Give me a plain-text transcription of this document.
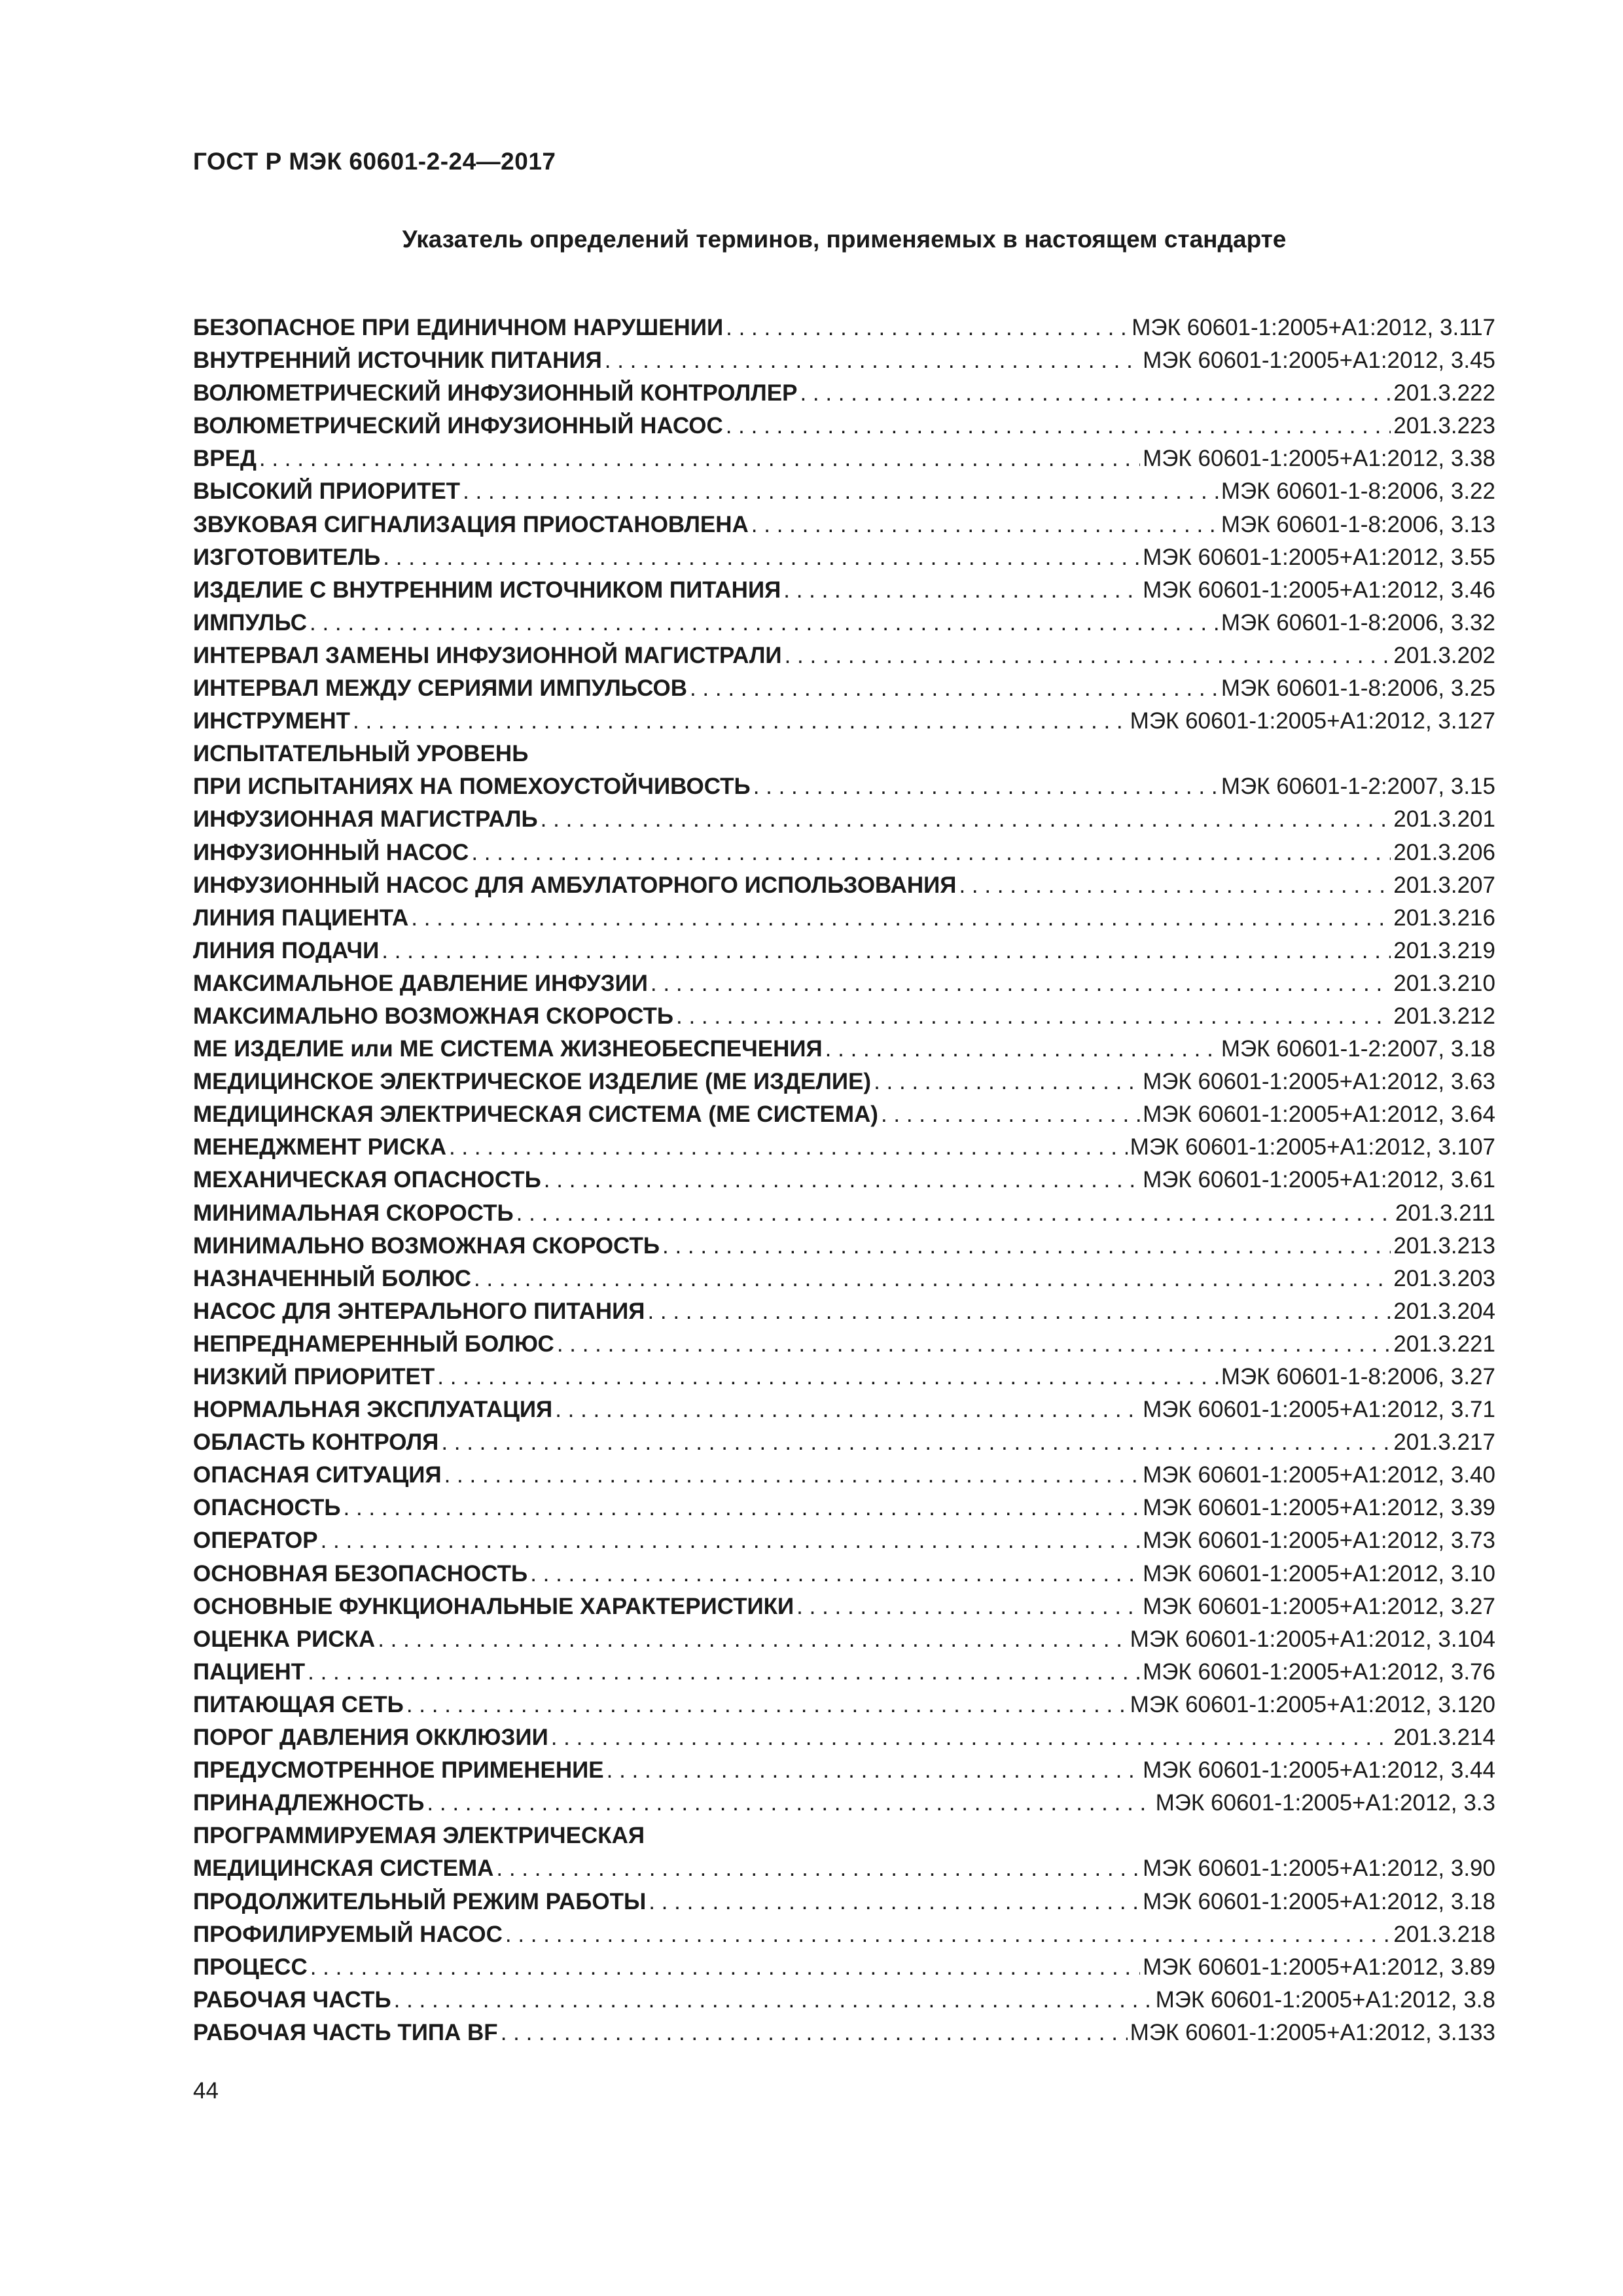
ГОСТ Р МЭК 60601-2-24—2017
Указатель определений терминов, применяемых в настоящем стандарте
БЕЗОПАСНОЕ ПРИ ЕДИНИЧНОМ НАРУШЕНИИ . . .	МЭК 60601-1:2005+А1:2012, 3.117
ВНУТРЕННИЙ ИСТОЧНИК ПИТАНИЯ . . .	МЭК 60601-1:2005+А1:2012, 3.45
ВОЛЮМЕТРИЧЕСКИЙ ИНФУЗИОННЫЙ КОНТРОЛЛЕР . . .	201.3.222
ВОЛЮМЕТРИЧЕСКИЙ ИНФУЗИОННЫЙ НАСОС . . .	201.3.223
ВРЕД . . .	МЭК 60601-1:2005+А1:2012, 3.38
ВЫСОКИЙ ПРИОРИТЕТ . . .	МЭК 60601-1-8:2006, 3.22
ЗВУКОВАЯ СИГНАЛИЗАЦИЯ ПРИОСТАНОВЛЕНА . . .	МЭК 60601-1-8:2006, 3.13
ИЗГОТОВИТЕЛЬ . . .	МЭК 60601-1:2005+А1:2012, 3.55
ИЗДЕЛИЕ С ВНУТРЕННИМ ИСТОЧНИКОМ ПИТАНИЯ . . .	МЭК 60601-1:2005+А1:2012, 3.46
ИМПУЛЬС . . .	МЭК 60601-1-8:2006, 3.32
ИНТЕРВАЛ ЗАМЕНЫ ИНФУЗИОННОЙ МАГИСТРАЛИ . . .	201.3.202
ИНТЕРВАЛ МЕЖДУ СЕРИЯМИ ИМПУЛЬСОВ . . .	МЭК 60601-1-8:2006, 3.25
ИНСТРУМЕНТ . . .	МЭК 60601-1:2005+А1:2012, 3.127
ИСПЫТАТЕЛЬНЫЙ УРОВЕНЬ
ПРИ ИСПЫТАНИЯХ НА ПОМЕХОУСТОЙЧИВОСТЬ . . .	МЭК 60601-1-2:2007, 3.15
ИНФУЗИОННАЯ МАГИСТРАЛЬ . . .	201.3.201
ИНФУЗИОННЫЙ НАСОС . . .	201.3.206
ИНФУЗИОННЫЙ НАСОС ДЛЯ АМБУЛАТОРНОГО ИСПОЛЬЗОВАНИЯ . . .	201.3.207
ЛИНИЯ ПАЦИЕНТА . . .	201.3.216
ЛИНИЯ ПОДАЧИ . . .	201.3.219
МАКСИМАЛЬНОЕ ДАВЛЕНИЕ ИНФУЗИИ . . .	201.3.210
МАКСИМАЛЬНО ВОЗМОЖНАЯ СКОРОСТЬ . . .	201.3.212
МЕ ИЗДЕЛИЕ или МЕ СИСТЕМА ЖИЗНЕОБЕСПЕЧЕНИЯ . . .	МЭК 60601-1-2:2007, 3.18
МЕДИЦИНСКОЕ ЭЛЕКТРИЧЕСКОЕ ИЗДЕЛИЕ (МЕ ИЗДЕЛИЕ) . . .	МЭК 60601-1:2005+А1:2012, 3.63
МЕДИЦИНСКАЯ ЭЛЕКТРИЧЕСКАЯ СИСТЕМА (МЕ СИСТЕМА) . . .	МЭК 60601-1:2005+А1:2012, 3.64
МЕНЕДЖМЕНТ РИСКА . . .	МЭК 60601-1:2005+А1:2012, 3.107
МЕХАНИЧЕСКАЯ ОПАСНОСТЬ . . .	МЭК 60601-1:2005+А1:2012, 3.61
МИНИМАЛЬНАЯ СКОРОСТЬ . . .	201.3.211
МИНИМАЛЬНО ВОЗМОЖНАЯ СКОРОСТЬ . . .	201.3.213
НАЗНАЧЕННЫЙ БОЛЮС . . .	201.3.203
НАСОС ДЛЯ ЭНТЕРАЛЬНОГО ПИТАНИЯ . . .	201.3.204
НЕПРЕДНАМЕРЕННЫЙ БОЛЮС . . .	201.3.221
НИЗКИЙ ПРИОРИТЕТ . . .	МЭК 60601-1-8:2006, 3.27
НОРМАЛЬНАЯ ЭКСПЛУАТАЦИЯ . . .	МЭК 60601-1:2005+А1:2012, 3.71
ОБЛАСТЬ КОНТРОЛЯ . . .	201.3.217
ОПАСНАЯ СИТУАЦИЯ . . .	МЭК 60601-1:2005+А1:2012, 3.40
ОПАСНОСТЬ . . .	МЭК 60601-1:2005+А1:2012, 3.39
ОПЕРАТОР . . .	МЭК 60601-1:2005+А1:2012, 3.73
ОСНОВНАЯ БЕЗОПАСНОСТЬ . . .	МЭК 60601-1:2005+А1:2012, 3.10
ОСНОВНЫЕ ФУНКЦИОНАЛЬНЫЕ ХАРАКТЕРИСТИКИ . . .	МЭК 60601-1:2005+А1:2012, 3.27
ОЦЕНКА РИСКА . . .	МЭК 60601-1:2005+А1:2012, 3.104
ПАЦИЕНТ . . .	МЭК 60601-1:2005+А1:2012, 3.76
ПИТАЮЩАЯ СЕТЬ . . .	МЭК 60601-1:2005+А1:2012, 3.120
ПОРОГ ДАВЛЕНИЯ ОККЛЮЗИИ . . .	201.3.214
ПРЕДУСМОТРЕННОЕ ПРИМЕНЕНИЕ . . .	МЭК 60601-1:2005+А1:2012, 3.44
ПРИНАДЛЕЖНОСТЬ . . .	МЭК 60601-1:2005+А1:2012, 3.3
ПРОГРАММИРУЕМАЯ ЭЛЕКТРИЧЕСКАЯ
МЕДИЦИНСКАЯ СИСТЕМА . . .	МЭК 60601-1:2005+А1:2012, 3.90
ПРОДОЛЖИТЕЛЬНЫЙ РЕЖИМ РАБОТЫ . . .	МЭК 60601-1:2005+А1:2012, 3.18
ПРОФИЛИРУЕМЫЙ НАСОС . . .	201.3.218
ПРОЦЕСС . . .	МЭК 60601-1:2005+А1:2012, 3.89
РАБОЧАЯ ЧАСТЬ . . .	МЭК 60601-1:2005+А1:2012, 3.8
РАБОЧАЯ ЧАСТЬ ТИПА BF . . .	МЭК 60601-1:2005+А1:2012, 3.133

44
